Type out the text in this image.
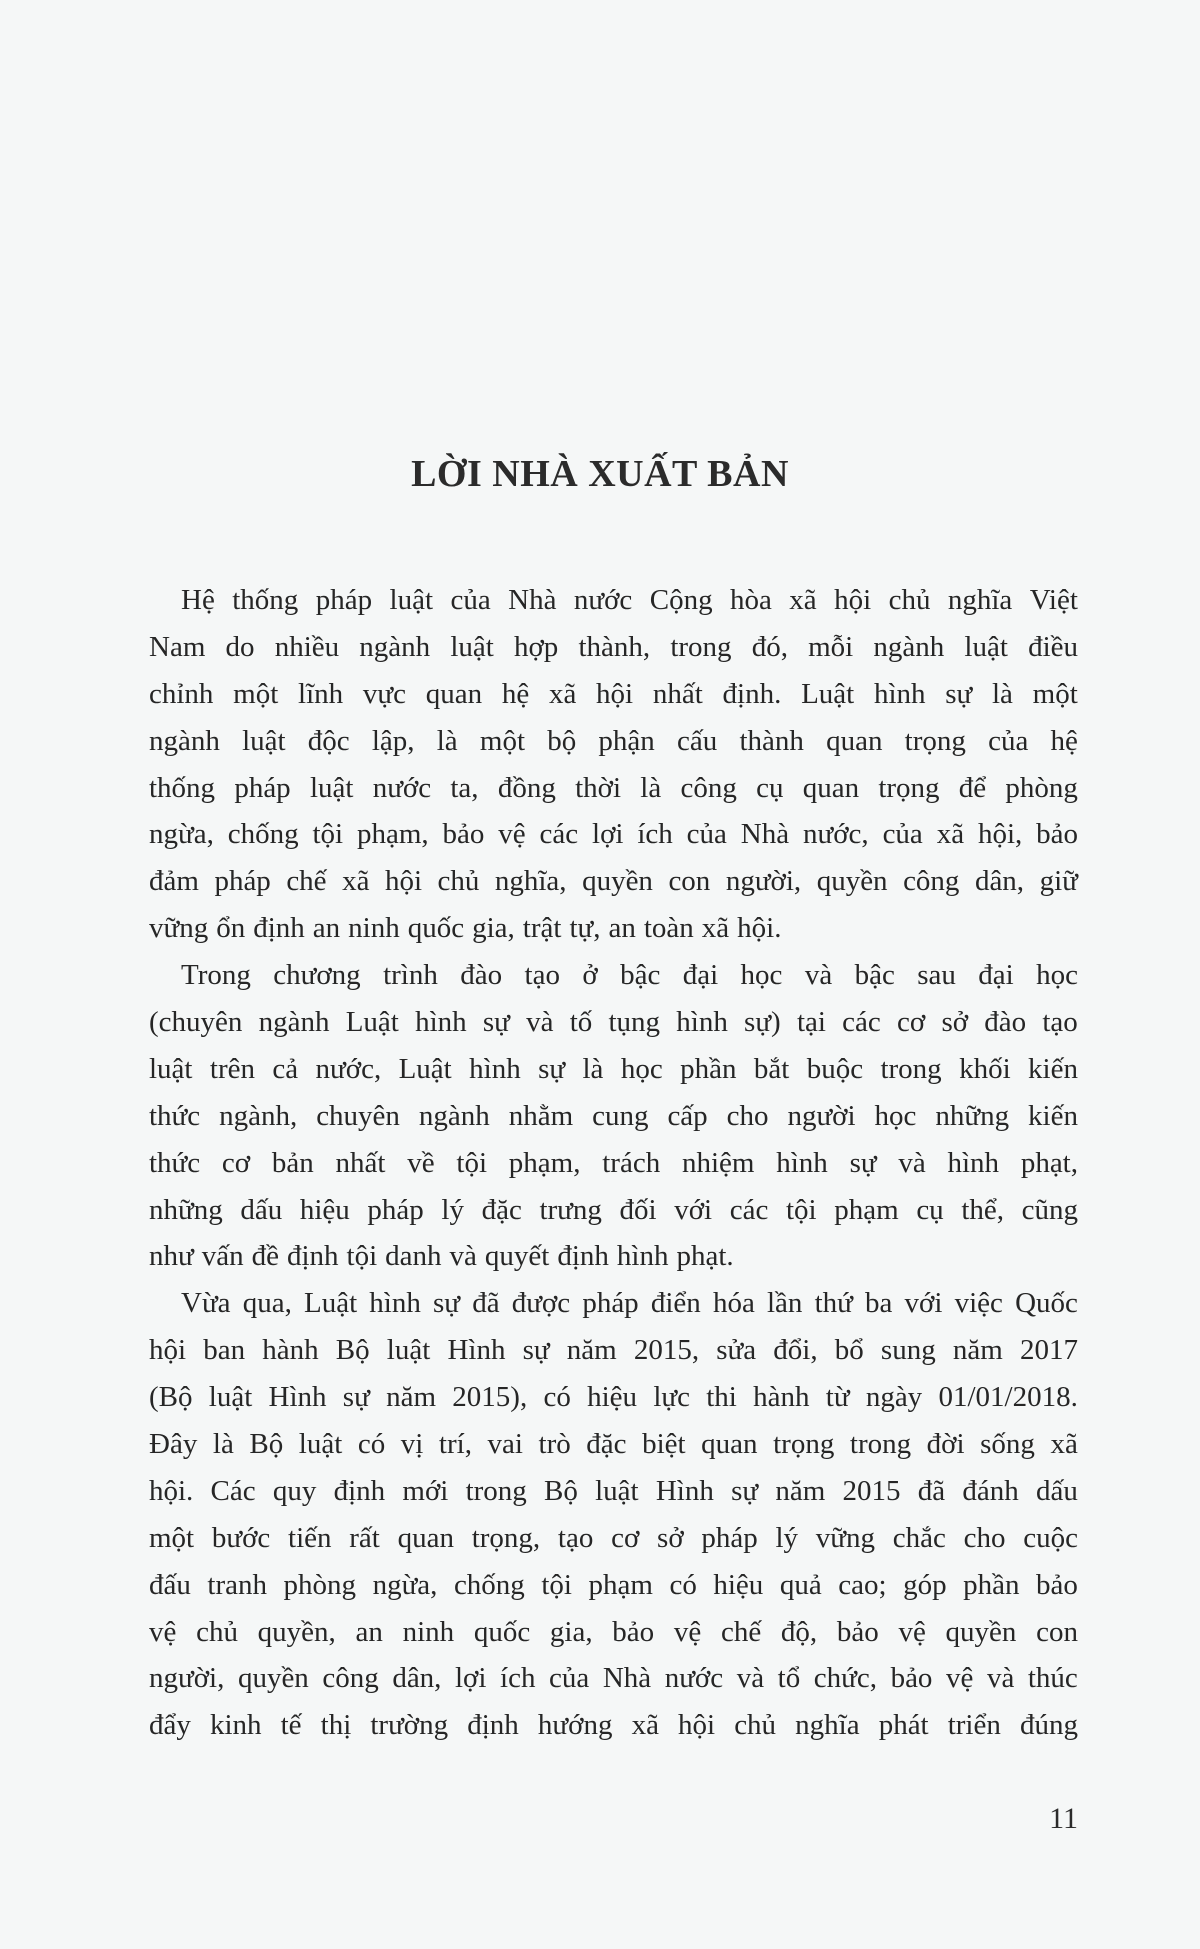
LỜI NHÀ XUẤT BẢN
Hệ thống pháp luật của Nhà nước Cộng hòa xã hội chủ nghĩa Việt
Nam do nhiều ngành luật hợp thành, trong đó, mỗi ngành luật điều
chỉnh một lĩnh vực quan hệ xã hội nhất định. Luật hình sự là một
ngành luật độc lập, là một bộ phận cấu thành quan trọng của hệ
thống pháp luật nước ta, đồng thời là công cụ quan trọng để phòng
ngừa, chống tội phạm, bảo vệ các lợi ích của Nhà nước, của xã hội, bảo
đảm pháp chế xã hội chủ nghĩa, quyền con người, quyền công dân, giữ
vững ổn định an ninh quốc gia, trật tự, an toàn xã hội.
Trong chương trình đào tạo ở bậc đại học và bậc sau đại học
(chuyên ngành Luật hình sự và tố tụng hình sự) tại các cơ sở đào tạo
luật trên cả nước, Luật hình sự là học phần bắt buộc trong khối kiến
thức ngành, chuyên ngành nhằm cung cấp cho người học những kiến
thức cơ bản nhất về tội phạm, trách nhiệm hình sự và hình phạt,
những dấu hiệu pháp lý đặc trưng đối với các tội phạm cụ thể, cũng
như vấn đề định tội danh và quyết định hình phạt.
Vừa qua, Luật hình sự đã được pháp điển hóa lần thứ ba với việc Quốc
hội ban hành Bộ luật Hình sự năm 2015, sửa đổi, bổ sung năm 2017
(Bộ luật Hình sự năm 2015), có hiệu lực thi hành từ ngày 01/01/2018.
Đây là Bộ luật có vị trí, vai trò đặc biệt quan trọng trong đời sống xã
hội. Các quy định mới trong Bộ luật Hình sự năm 2015 đã đánh dấu
một bước tiến rất quan trọng, tạo cơ sở pháp lý vững chắc cho cuộc
đấu tranh phòng ngừa, chống tội phạm có hiệu quả cao; góp phần bảo
vệ chủ quyền, an ninh quốc gia, bảo vệ chế độ, bảo vệ quyền con
người, quyền công dân, lợi ích của Nhà nước và tổ chức, bảo vệ và thúc
đẩy kinh tế thị trường định hướng xã hội chủ nghĩa phát triển đúng
11
